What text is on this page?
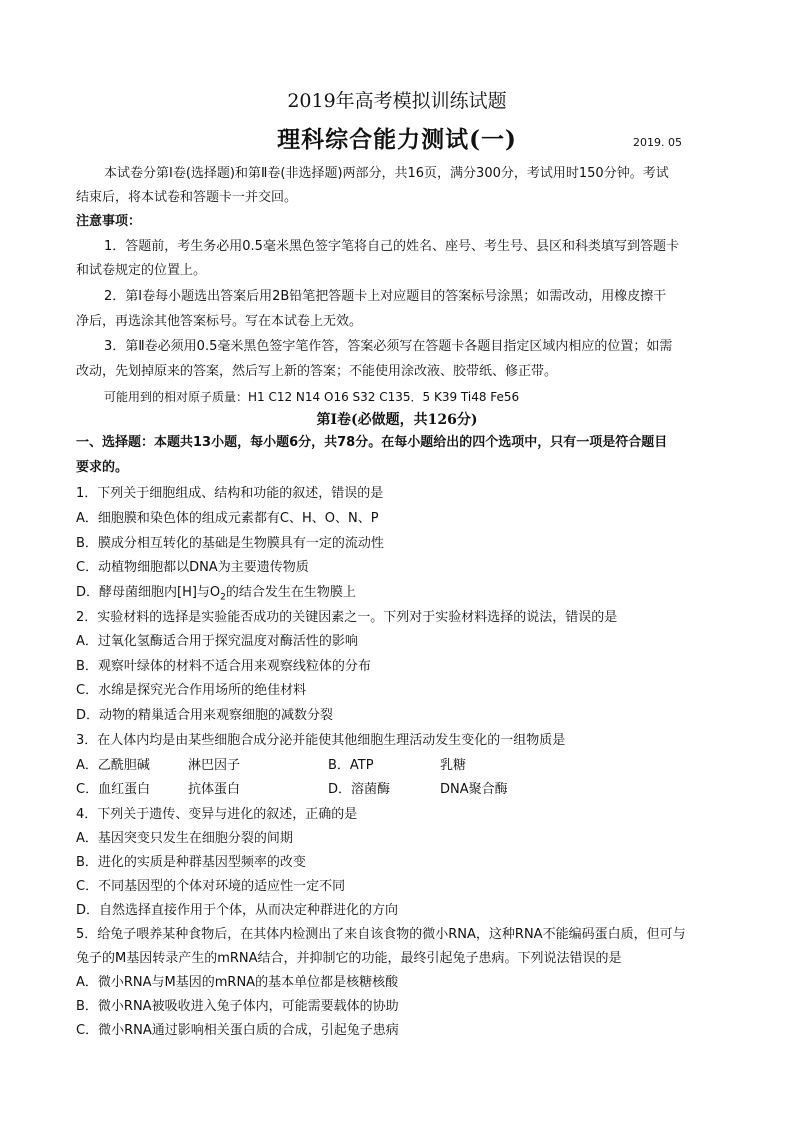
2019年高考模拟训练试题
理科综合能力测试(一)	2019. 05
本试卷分第Ⅰ卷(选择题)和第Ⅱ卷(非选择题)两部分，共16页，满分300分，考试用时150分钟。考试
结束后，将本试卷和答题卡一并交回。
注意事项：
1．答题前，考生务必用0.5毫米黑色签字笔将自己的姓名、座号、考生号、县区和科类填写到答题卡
和试卷规定的位置上。
2．第Ⅰ卷每小题选出答案后用2B铅笔把答题卡上对应题目的答案标号涂黑；如需改动，用橡皮擦干
净后，再选涂其他答案标号。写在本试卷上无效。
3．第Ⅱ卷必须用0.5毫米黑色签字笔作答，答案必须写在答题卡各题目指定区域内相应的位置；如需
改动，先划掉原来的答案，然后写上新的答案；不能使用涂改液、胶带纸、修正带。
可能用到的相对原子质量：H1 C12 N14 O16 S32 C135．5 K39 Ti48 Fe56
第Ⅰ卷(必做题，共126分)
一、选择题：本题共13小题，每小题6分，共78分。在每小题给出的四个选项中，只有一项是符合题目
要求的。
1．下列关于细胞组成、结构和功能的叙述，错误的是
A．细胞膜和染色体的组成元素都有C、H、O、N、P
B．膜成分相互转化的基础是生物膜具有一定的流动性
C．动植物细胞都以DNA为主要遗传物质
D．酵母菌细胞内[H]与$O_2$的结合发生在生物膜上
2．实验材料的选择是实验能否成功的关键因素之一。下列对于实验材料选择的说法，错误的是
A．过氧化氢酶适合用于探究温度对酶活性的影响
B．观察叶绿体的材料不适合用来观察线粒体的分布
C．水绵是探究光合作用场所的绝佳材料
D．动物的精巢适合用来观察细胞的减数分裂
3．在人体内均是由某些细胞合成分泌并能使其他细胞生理活动发生变化的一组物质是
A．乙酰胆碱	淋巴因子	B．ATP	乳糖
C．血红蛋白	抗体蛋白	D．溶菌酶	DNA聚合酶
4．下列关于遗传、变异与进化的叙述，正确的是
A．基因突变只发生在细胞分裂的间期
B．进化的实质是种群基因型频率的改变
C．不同基因型的个体对环境的适应性一定不同
D．自然选择直接作用于个体，从而决定种群进化的方向
5．给兔子喂养某种食物后，在其体内检测出了来自该食物的微小RNA，这种RNA不能编码蛋白质，但可与
兔子的M基因转录产生的mRNA结合，并抑制它的功能，最终引起兔子患病。下列说法错误的是
A．微小RNA与M基因的mRNA的基本单位都是核糖核酸
B．微小RNA被吸收进入兔子体内，可能需要载体的协助
C．微小RNA通过影响相关蛋白质的合成，引起兔子患病
